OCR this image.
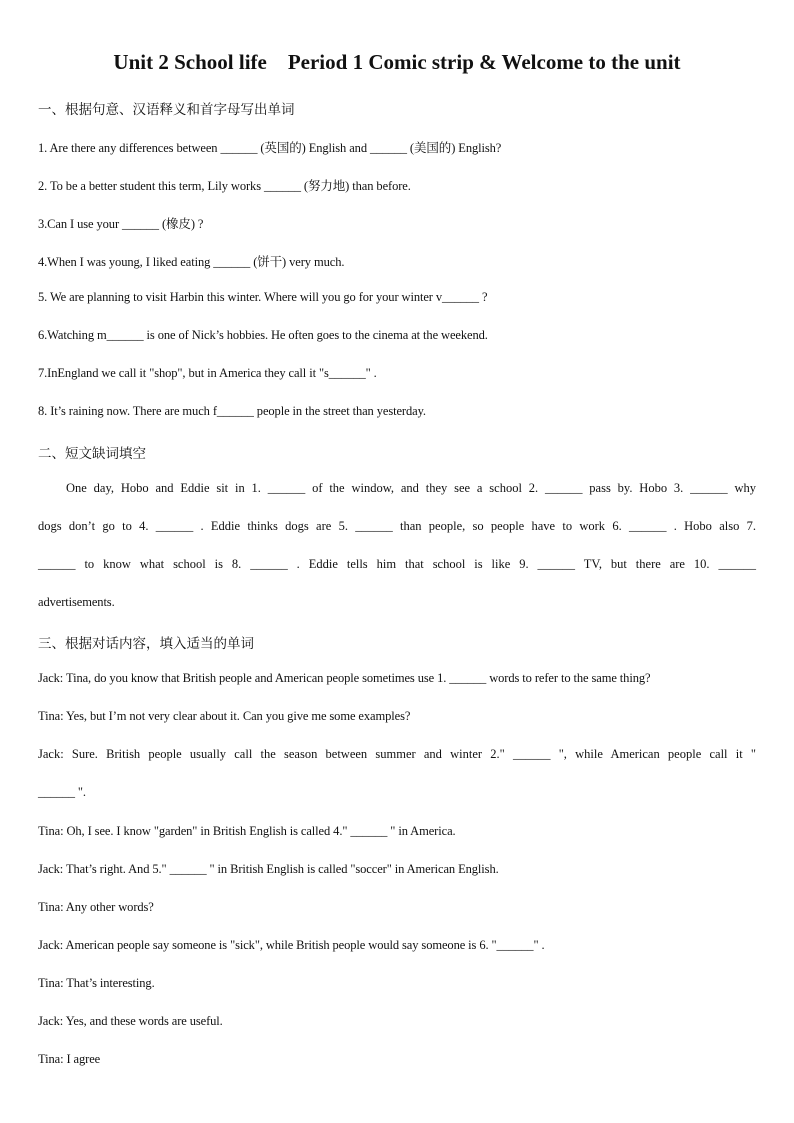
Unit 2 School life    Period 1 Comic strip & Welcome to the unit
一、根据句意、汉语释义和首字母写出单词
1. Are there any differences between ______ (英国的) English and ______ (美国的) English?
2. To be a better student this term, Lily works ______ (努力地) than before.
3.Can I use your ______ (橡皮) ?
4.When I was young, I liked eating ______ (饼干) very much.
5. We are planning to visit Harbin this winter. Where will you go for your winter v______ ?
6.Watching m______ is one of Nick’s hobbies. He often goes to the cinema at the weekend.
7.InEngland we call it "shop", but in America they call it "s______" .
8. It’s raining now. There are much f______ people in the street than yesterday.
二、短文缺词填空
One day, Hobo and Eddie sit in 1. ______ of the window, and they see a school 2. ______ pass by. Hobo 3. ______ why
dogs don’t go to 4. ______ . Eddie thinks dogs are 5. ______ than people, so people have to work 6. ______ . Hobo also 7.
______ to know what school is 8. ______ . Eddie tells him that school is like 9. ______ TV, but there are 10. ______
advertisements.
三、根据对话内容，填入适当的单词
Jack: Tina, do you know that British people and American people sometimes use 1. ______ words to refer to the same thing?
Tina: Yes, but I’m not very clear about it. Can you give me some examples?
Jack: Sure. British people usually call the season between summer and winter 2." ______ ", while American people call it "
______ ".
Tina: Oh, I see. I know "garden" in British English is called 4." ______ " in America.
Jack: That’s right. And 5." ______ " in British English is called "soccer" in American English.
Tina: Any other words?
Jack: American people say someone is "sick", while British people would say someone is 6. "______" .
Tina: That’s interesting.
Jack: Yes, and these words are useful.
Tina: I agree
